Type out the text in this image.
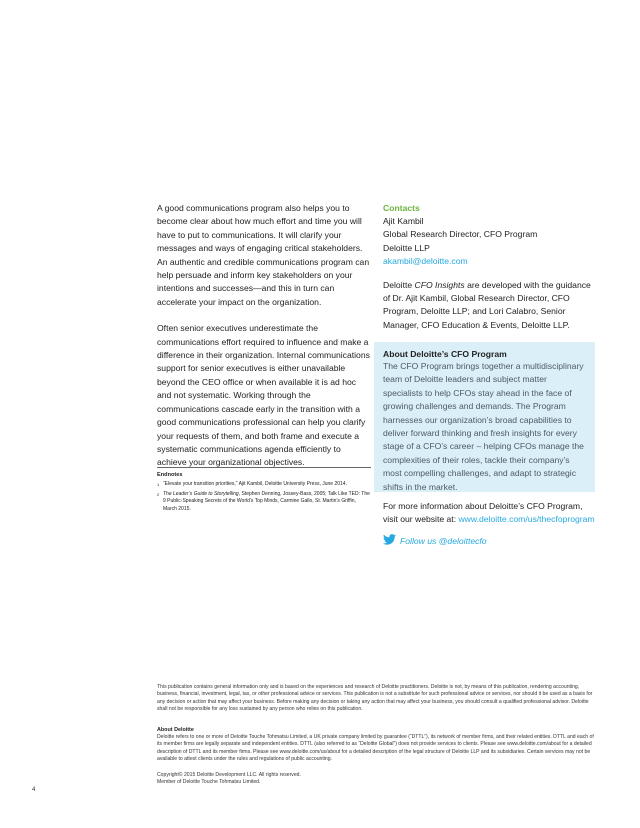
A good communications program also helps you to become clear about how much effort and time you will have to put to communications. It will clarify your messages and ways of engaging critical stakeholders. An authentic and credible communications program can help persuade and inform key stakeholders on your intentions and successes—and this in turn can accelerate your impact on the organization.

Often senior executives underestimate the communications effort required to influence and make a difference in their organization. Internal communications support for senior executives is either unavailable beyond the CEO office or when available it is ad hoc and not systematic. Working through the communications cascade early in the transition with a good communications professional can help you clarify your requests of them, and both frame and execute a systematic communications agenda efficiently to achieve your organizational objectives.

Endnotes

1 “Elevate your transition priorities,” Ajit Kambil, Deloitte University Press, June 2014.

2 The Leader’s Guide to Storytelling, Stephen Denning, Jossey-Bass, 2005; Talk Like TED: The 9 Public-Speaking Secrets of the World’s Top Minds, Carmine Gallo, St. Martin’s Griffin, March 2015.

Contacts

Ajit Kambil

Global Research Director, CFO Program

Deloitte LLP

akambil@deloitte.com

Deloitte CFO Insights are developed with the guidance of Dr. Ajit Kambil, Global Research Director, CFO Program, Deloitte LLP; and Lori Calabro, Senior Manager, CFO Education & Events, Deloitte LLP.

About Deloitte’s CFO Program

The CFO Program brings together a multidisciplinary team of Deloitte leaders and subject matter specialists to help CFOs stay ahead in the face of growing challenges and demands. The Program harnesses our organization’s broad capabilities to deliver forward thinking and fresh insights for every stage of a CFO’s career – helping CFOs manage the complexities of their roles, tackle their company’s most compelling challenges, and adapt to strategic shifts in the market.

For more information about Deloitte’s CFO Program, visit our website at: www.deloitte.com/us/thecfoprogram

Follow us @deloittecfo

This publication contains general information only and is based on the experiences and research of Deloitte practitioners. Deloitte is not, by means of this publication, rendering accounting, business, financial, investment, legal, tax, or other professional advice or services. This publication is not a substitute for such professional advice or services, nor should it be used as a basis for any decision or action that may affect your business. Before making any decision or taking any action that may affect your business, you should consult a qualified professional advisor. Deloitte shall not be responsible for any loss sustained by any person who relies on this publication.

About Deloitte

Deloitte refers to one or more of Deloitte Touche Tohmatsu Limited, a UK private company limited by guarantee (“DTTL”), its network of member firms, and their related entities. DTTL and each of its member firms are legally separate and independent entities. DTTL (also referred to as “Deloitte Global”) does not provide services to clients. Please see www.deloitte.com/about for a detailed description of DTTL and its member firms. Please see www.deloitte.com/us/about for a detailed description of the legal structure of Deloitte LLP and its subsidiaries. Certain services may not be available to attest clients under the rules and regulations of public accounting.

Copyright© 2015 Deloitte Development LLC. All rights reserved.

Member of Deloitte Touche Tohmatsu Limited.

4
